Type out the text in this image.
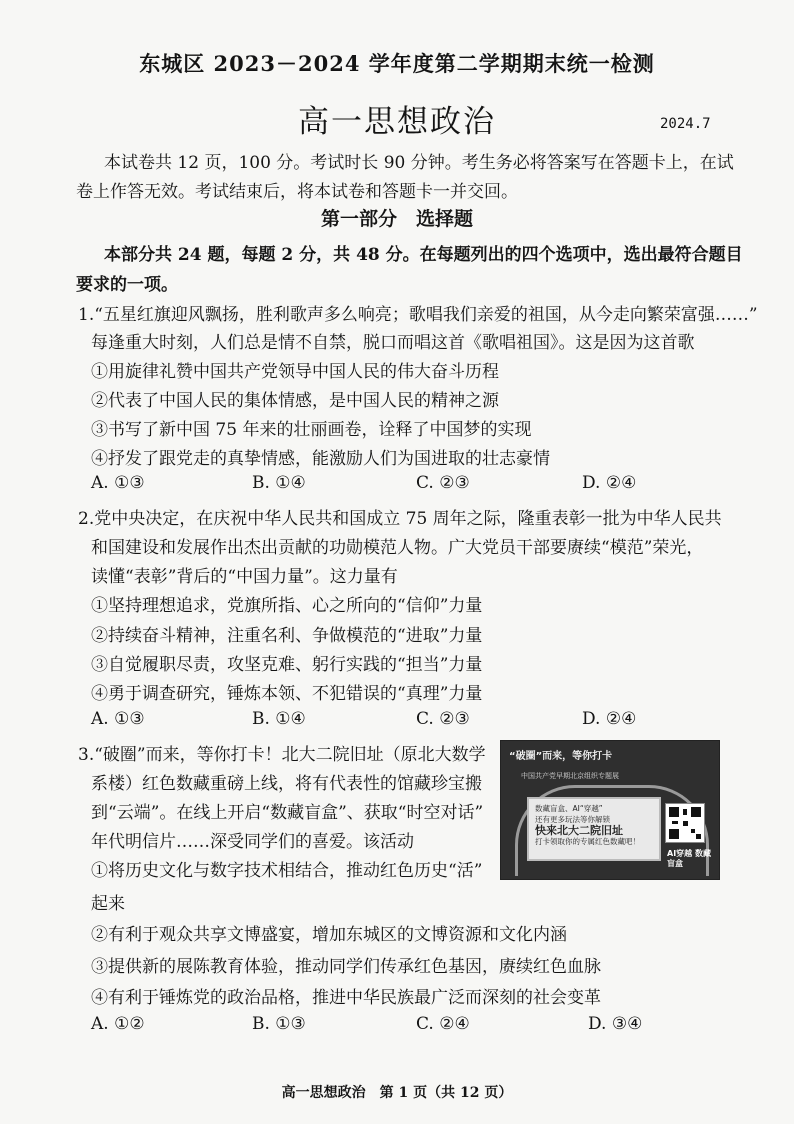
东城区 2023－2024 学年度第二学期期末统一检测
高一思想政治	2024.7
本试卷共 12 页，100 分。考试时长 90 分钟。考生务必将答案写在答题卡上，在试
卷上作答无效。考试结束后，将本试卷和答题卡一并交回。
第一部分　选择题
本部分共 24 题，每题 2 分，共 48 分。在每题列出的四个选项中，选出最符合题目
要求的一项。
1.“五星红旗迎风飘扬，胜利歌声多么响亮；歌唱我们亲爱的祖国，从今走向繁荣富强……”
每逢重大时刻，人们总是情不自禁，脱口而唱这首《歌唱祖国》。这是因为这首歌
①用旋律礼赞中国共产党领导中国人民的伟大奋斗历程
②代表了中国人民的集体情感，是中国人民的精神之源
③书写了新中国 75 年来的壮丽画卷，诠释了中国梦的实现
④抒发了跟党走的真挚情感，能激励人们为国进取的壮志豪情
A. ①③	B. ①④	C. ②③	D. ②④
2.党中央决定，在庆祝中华人民共和国成立 75 周年之际，隆重表彰一批为中华人民共
和国建设和发展作出杰出贡献的功勋模范人物。广大党员干部要赓续“模范”荣光，
读懂“表彰”背后的“中国力量”。这力量有
①坚持理想追求，党旗所指、心之所向的“信仰”力量
②持续奋斗精神，注重名利、争做模范的“进取”力量
③自觉履职尽责，攻坚克难、躬行实践的“担当”力量
④勇于调查研究，锤炼本领、不犯错误的“真理”力量
A. ①③	B. ①④	C. ②③	D. ②④
3.“破圈”而来，等你打卡！北大二院旧址（原北大数学
系楼）红色数藏重磅上线，将有代表性的馆藏珍宝搬
到“云端”。在线上开启“数藏盲盒”、获取“时空对话”
年代明信片……深受同学们的喜爱。该活动
①将历史文化与数字技术相结合，推动红色历史“活”
起来
②有利于观众共享文博盛宴，增加东城区的文博资源和文化内涵
③提供新的展陈教育体验，推动同学们传承红色基因，赓续红色血脉
④有利于锤炼党的政治品格，推进中华民族最广泛而深刻的社会变革
A. ①②	B. ①③	C. ②④	D. ③④
“破圈”而来，等你打卡
中国共产党早期北京组织专题展
数藏盲盒、AI“穿越”
还有更多玩法等你解锁
快来北大二院旧址
打卡领取你的专属红色数藏吧！
AI穿越 数藏盲盒
高一思想政治　第 1 页（共 12 页）
